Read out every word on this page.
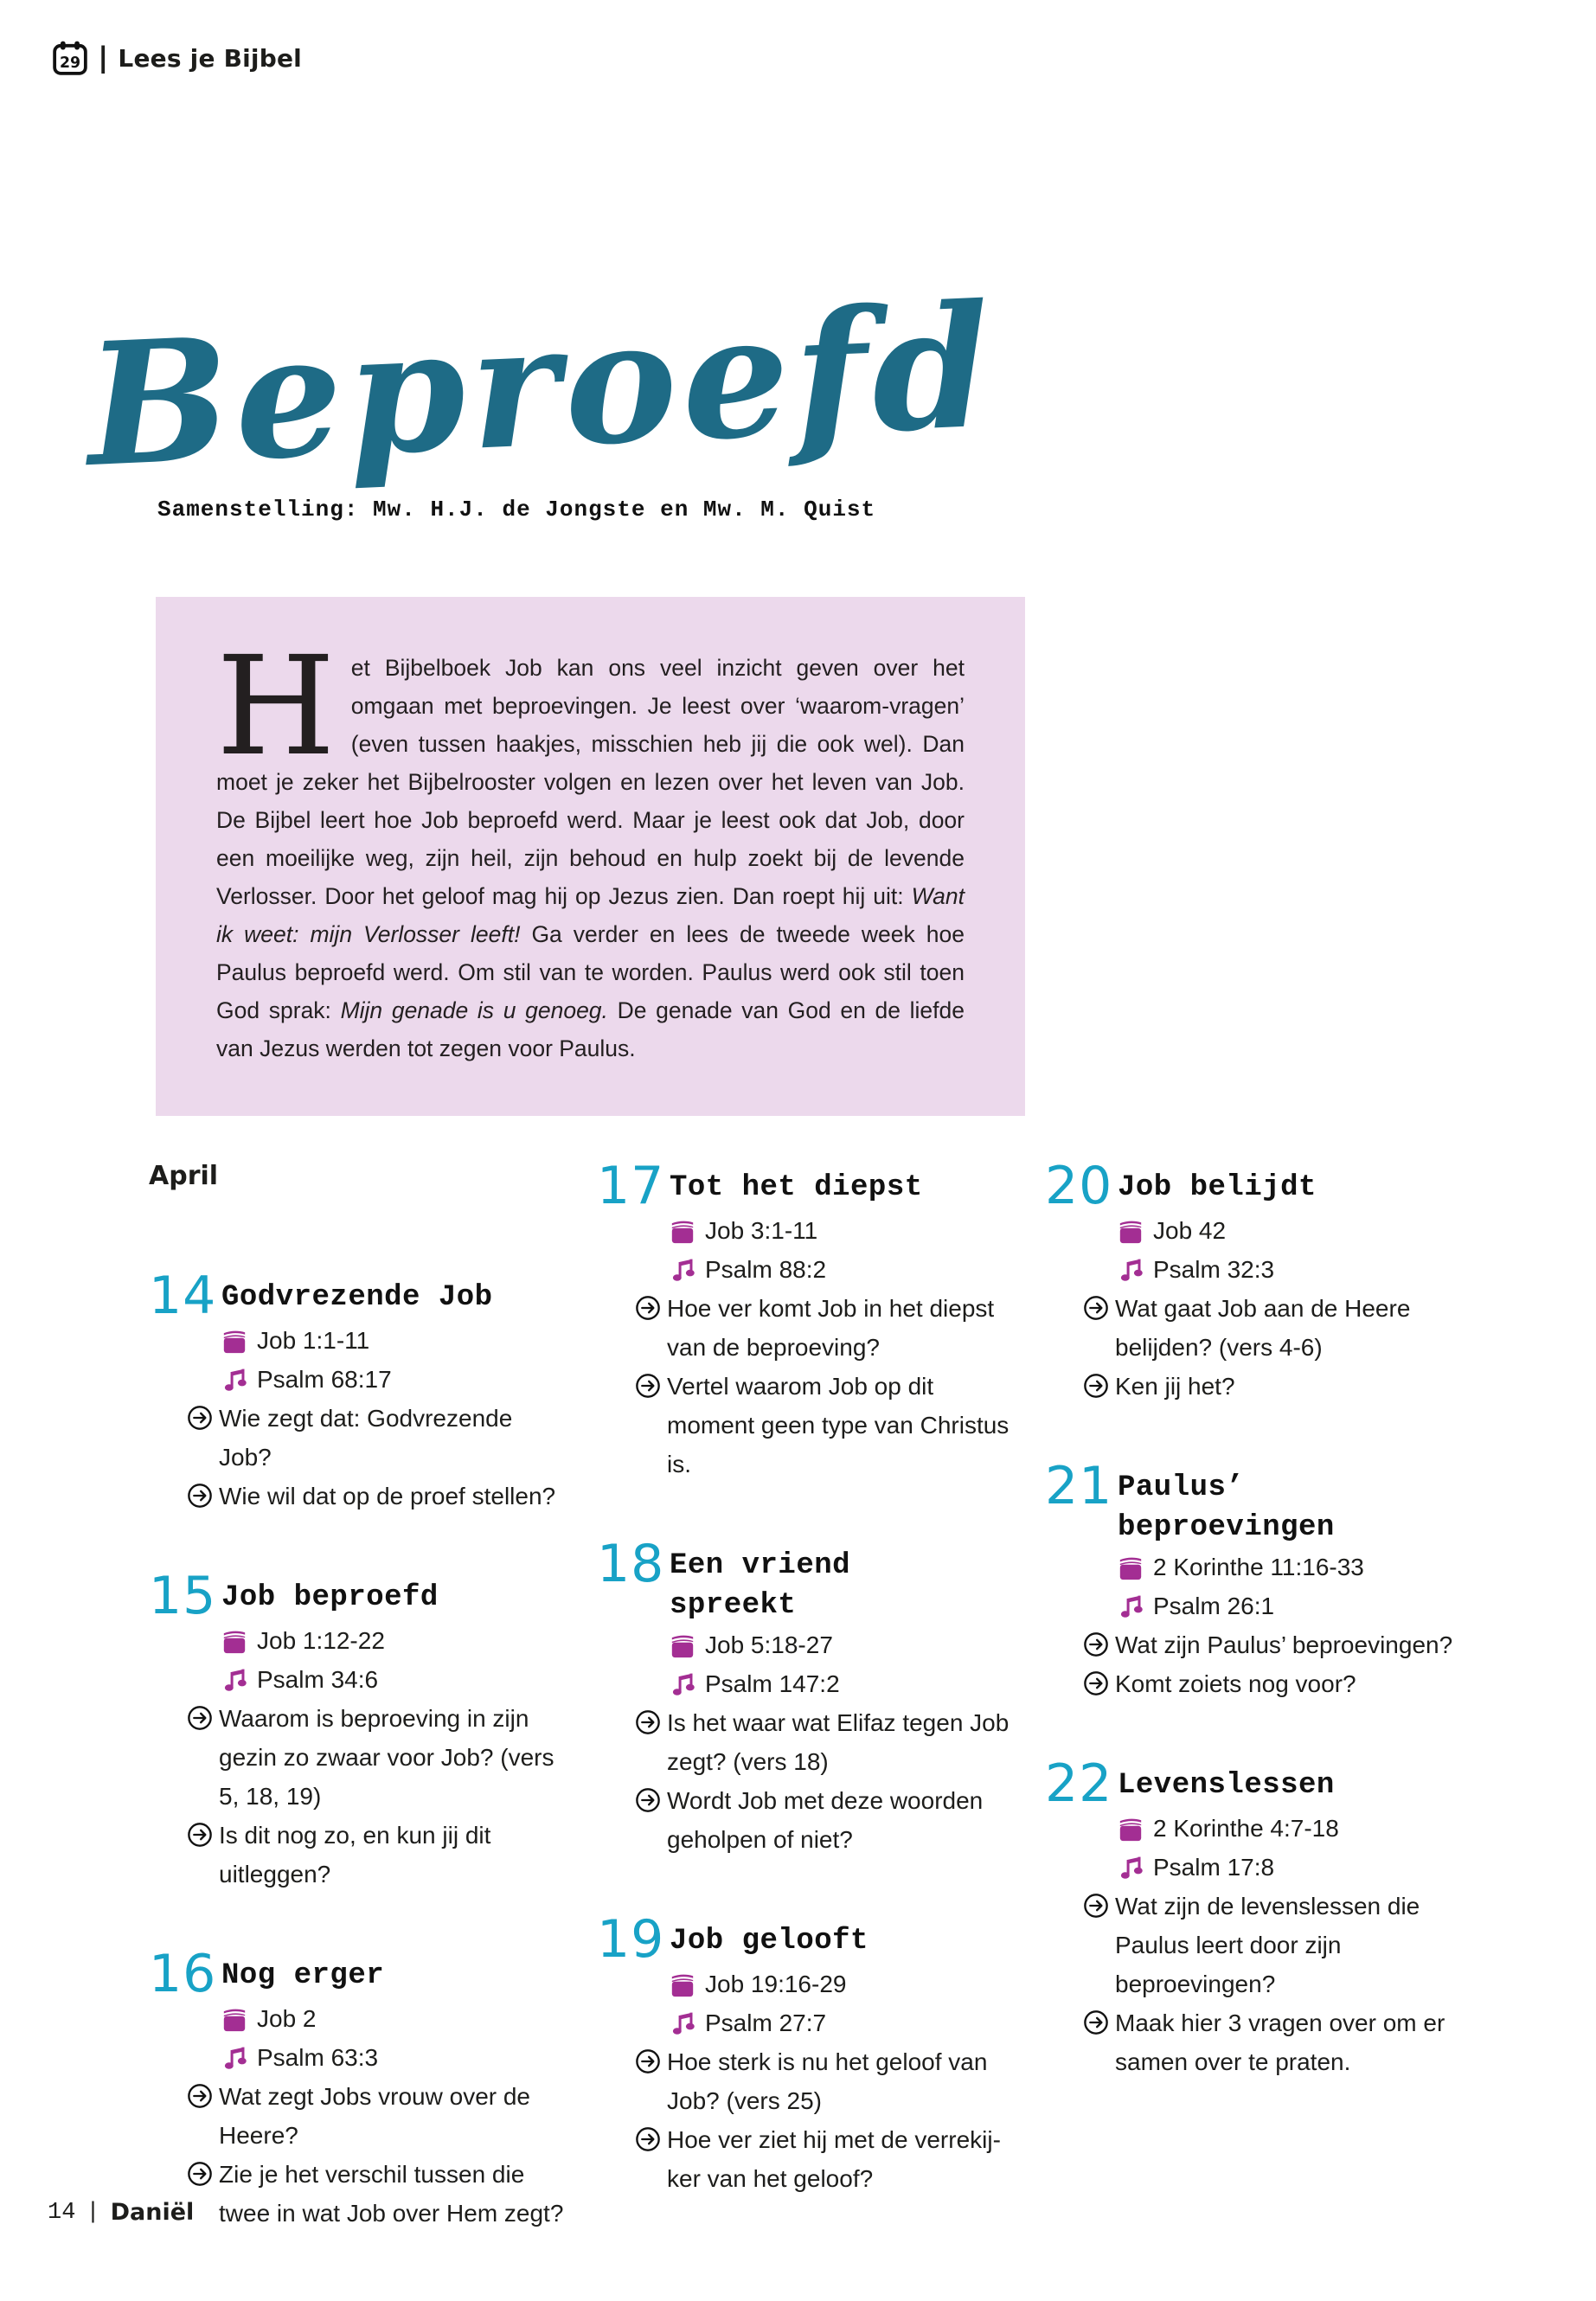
29 | Lees je Bijbel
Beproefd

Samenstelling: Mw. H.J. de Jongste en Mw. M. Quist

H et Bijbelboek Job kan ons veel inzicht geven over het omgaan met beproevingen. Je leest over ‘waarom-vragen’ (even tussen haakjes, misschien heb jij die ook wel). Dan moet je zeker het Bijbelrooster volgen en lezen over het leven van Job. De Bijbel leert hoe Job beproefd werd. Maar je leest ook dat Job, door een moeilijke weg, zijn heil, zijn behoud en hulp zoekt bij de levende Verlosser. Door het geloof mag hij op Jezus zien. Dan roept hij uit: Want ik weet: mijn Verlosser leeft! Ga verder en lees de tweede week hoe Paulus beproefd werd. Om stil van te worden. Paulus werd ook stil toen God sprak: Mijn genade is u genoeg. De genade van God en de liefde van Jezus werden tot zegen voor Paulus.
April
14 Godvrezende Job
Job 1:1-11
Psalm 68:17

Wie zegt dat: Godvrezende Job?

Wie wil dat op de proef stellen?

15 Job beproefd
Job 1:12-22
Psalm 34:6

Waarom is beproeving in zijn gezin zo zwaar voor Job? (vers 5, 18, 19)

Is dit nog zo, en kun jij dit uitleggen?

16 Nog erger
Job 2
Psalm 63:3

Wat zegt Jobs vrouw over de Heere?

Zie je het verschil tussen die twee in wat Job over Hem zegt?

17 Tot het diepst
Job 3:1-11
Psalm 88:2

Hoe ver komt Job in het diepst van de beproeving?

Vertel waarom Job op dit moment geen type van Christus is.

18 Een vriend spreekt
Job 5:18-27
Psalm 147:2

Is het waar wat Elifaz tegen Job zegt? (vers 18)

Wordt Job met deze woorden geholpen of niet?

19 Job gelooft
Job 19:16-29
Psalm 27:7

Hoe sterk is nu het geloof van Job? (vers 25)

Hoe ver ziet hij met de verrekij-ker van het geloof?

20 Job belijdt
Job 42
Psalm 32:3

Wat gaat Job aan de Heere belijden? (vers 4-6)

Ken jij het?

21 Paulus’ beproevingen
2 Korinthe 11:16-33
Psalm 26:1

Wat zijn Paulus’ beproevingen?

Komt zoiets nog voor?

22 Levenslessen
2 Korinthe 4:7-18
Psalm 17:8

Wat zijn de levenslessen die Paulus leert door zijn beproevingen?

Maak hier 3 vragen over om er samen over te praten.

14 | Daniël
